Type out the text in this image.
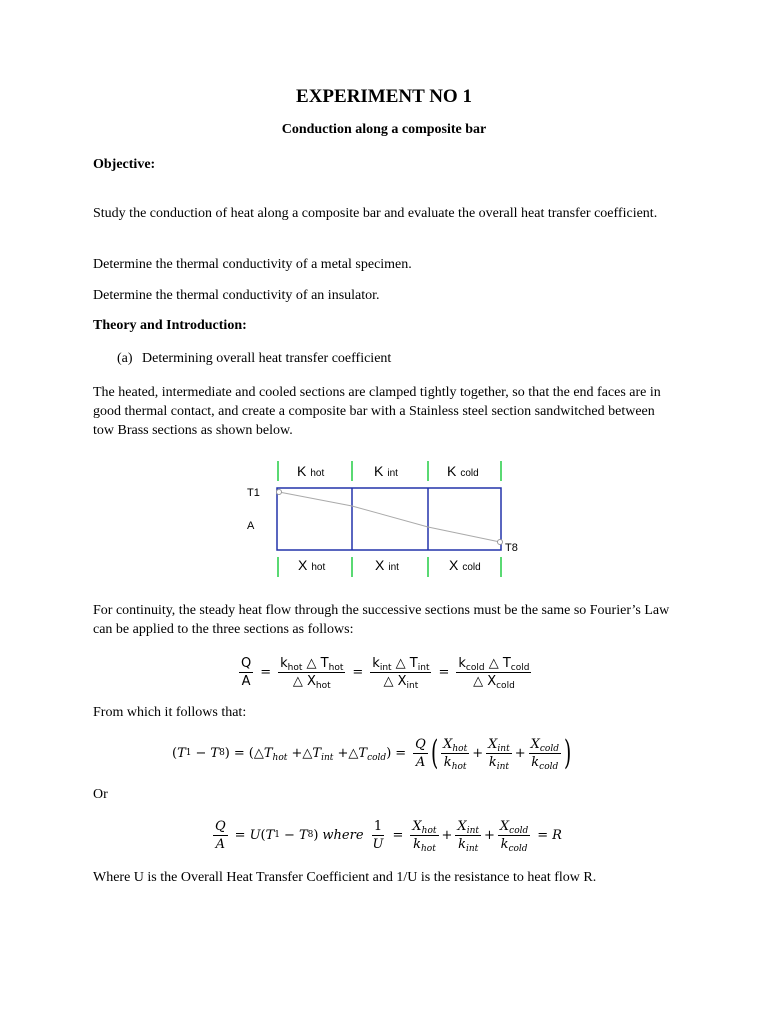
EXPERIMENT NO 1
Conduction along a composite bar
Objective:
Study the conduction of heat along a composite bar and evaluate the overall heat transfer coefficient.
Determine the thermal conductivity of a metal specimen.
Determine the thermal conductivity of an insulator.
Theory and Introduction:
(a) Determining overall heat transfer coefficient
The heated, intermediate and cooled sections are clamped tightly together, so that the end faces are in good thermal contact, and create a composite bar with a Stainless steel section sandwitched between tow Brass sections as shown below.
K hot	K int	K cold
X hot	X int	X cold
T1
A
T8
For continuity, the steady heat flow through the successive sections must be the same so Fourier’s Law can be applied to the three sections as follows:
$\frac{Q}{A} = \frac{k_{hot} \triangle T_{hot}}{\triangle X_{hot}} = \frac{k_{int} \triangle T_{int}}{\triangle X_{int}} = \frac{k_{cold} \triangle T_{cold}}{\triangle X_{cold}}$
From which it follows that:
( T 1 − T 8 ) = (△ $T_{hot}$ +△ $T_{int}$ +△ $T_{cold}$ ) = $\frac{Q}{A}$ ( $\frac{X_{hot}}{k_{hot}} + \frac{X_{int}}{k_{int}} + \frac{X_{cold}}{k_{cold}}$ )
Or
$\frac{Q}{A} = U$ ( T 1 − T 8 ) where $\frac{1}{U} = \frac{X_{hot}}{k_{hot}} + \frac{X_{int}}{k_{int}} + \frac{X_{cold}}{k_{cold}} = R$
Where U is the Overall Heat Transfer Coefficient and 1/U is the resistance to heat flow R.
